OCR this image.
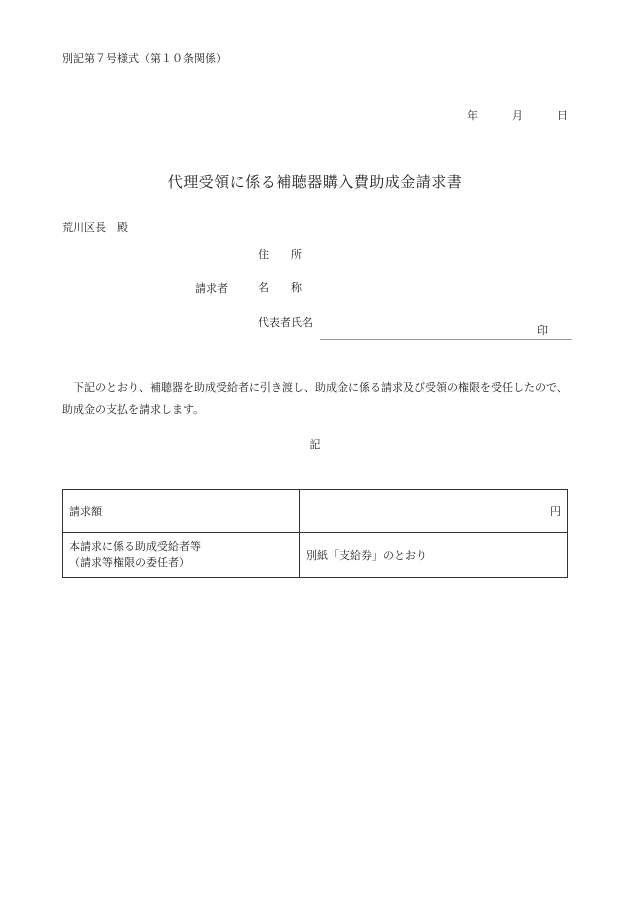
別記第７号様式（第１０条関係）
年	月	日
代理受領に係る補聴器購入費助成金請求書
荒川区長　殿
住　　所
請求者	名　　称
代表者氏名
印
下記のとおり、補聴器を助成受給者に引き渡し、助成金に係る請求及び受領の権限を受任したので、助成金の支払を請求します。
記
請求額	円

本請求に係る助成受給者等
（請求等権限の委任者）	別紙「支給券」のとおり
